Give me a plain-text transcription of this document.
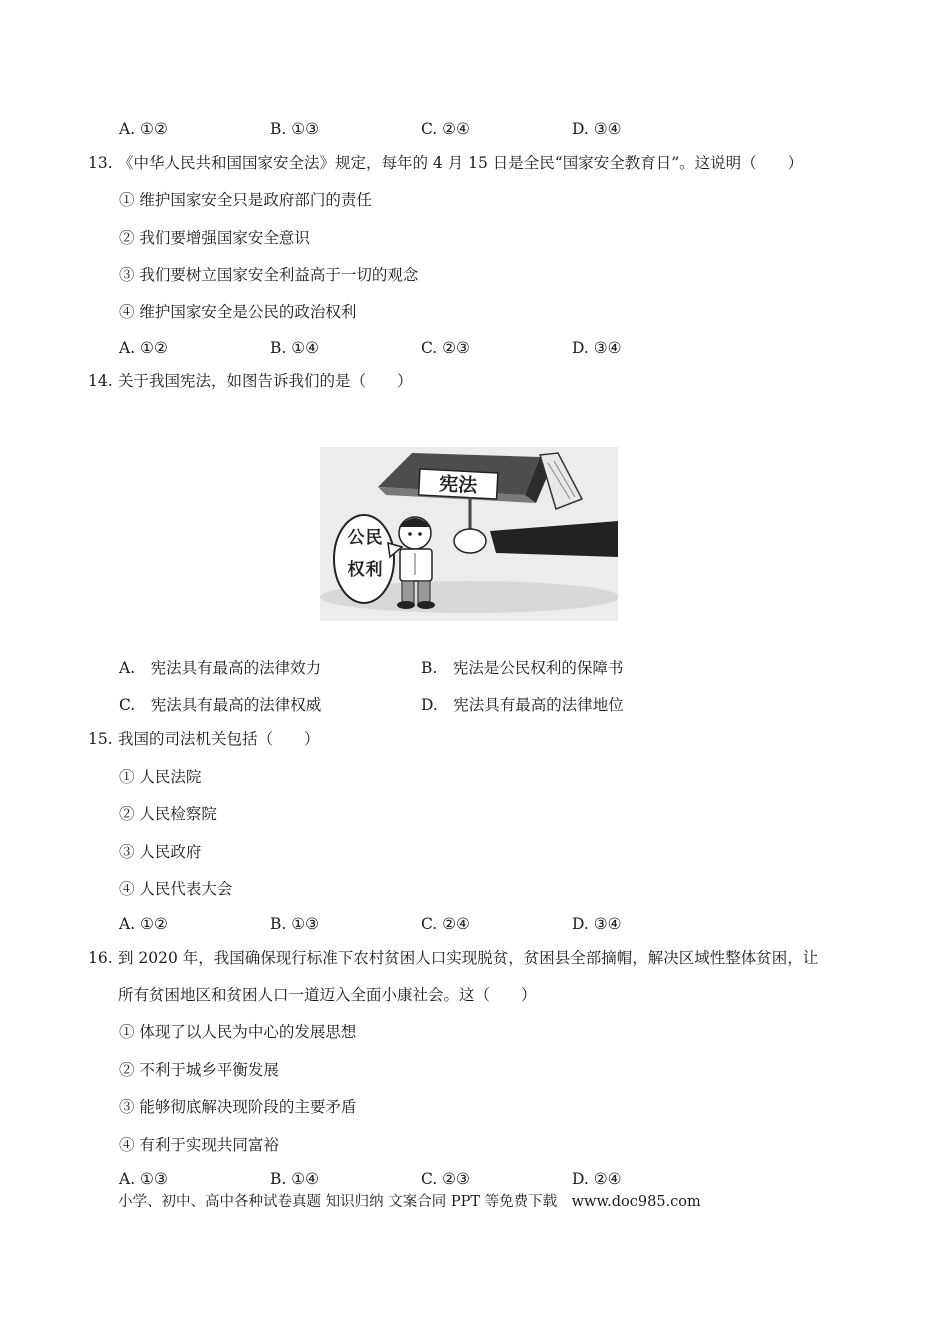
A. ①②	B. ①③	C. ②④	D. ③④
13. 《中华人民共和国国家安全法》规定，每年的 4 月 15 日是全民“国家安全教育日”。这说明（　　）
① 维护国家安全只是政府部门的责任
② 我们要增强国家安全意识
③ 我们要树立国家安全利益高于一切的观念
④ 维护国家安全是公民的政治权利
A. ①②	B. ①④	C. ②③	D. ③④
14. 关于我国宪法，如图告诉我们的是（　　）
宪法
公 民
权 利
A.　宪法具有最高的法律效力	B.　宪法是公民权利的保障书
C.　宪法具有最高的法律权威	D.　宪法具有最高的法律地位
15. 我国的司法机关包括（　　）
① 人民法院
② 人民检察院
③ 人民政府
④ 人民代表大会
A. ①②	B. ①③	C. ②④	D. ③④
16. 到 2020 年，我国确保现行标准下农村贫困人口实现脱贫，贫困县全部摘帽，解决区域性整体贫困，让
所有贫困地区和贫困人口一道迈入全面小康社会。这（　　）
① 体现了以人民为中心的发展思想
② 不利于城乡平衡发展
③ 能够彻底解决现阶段的主要矛盾
④ 有利于实现共同富裕
A. ①③	B. ①④	C. ②③	D. ②④
小学、初中、高中各种试卷真题 知识归纳 文案合同 PPT 等免费下载　www.doc985.com
